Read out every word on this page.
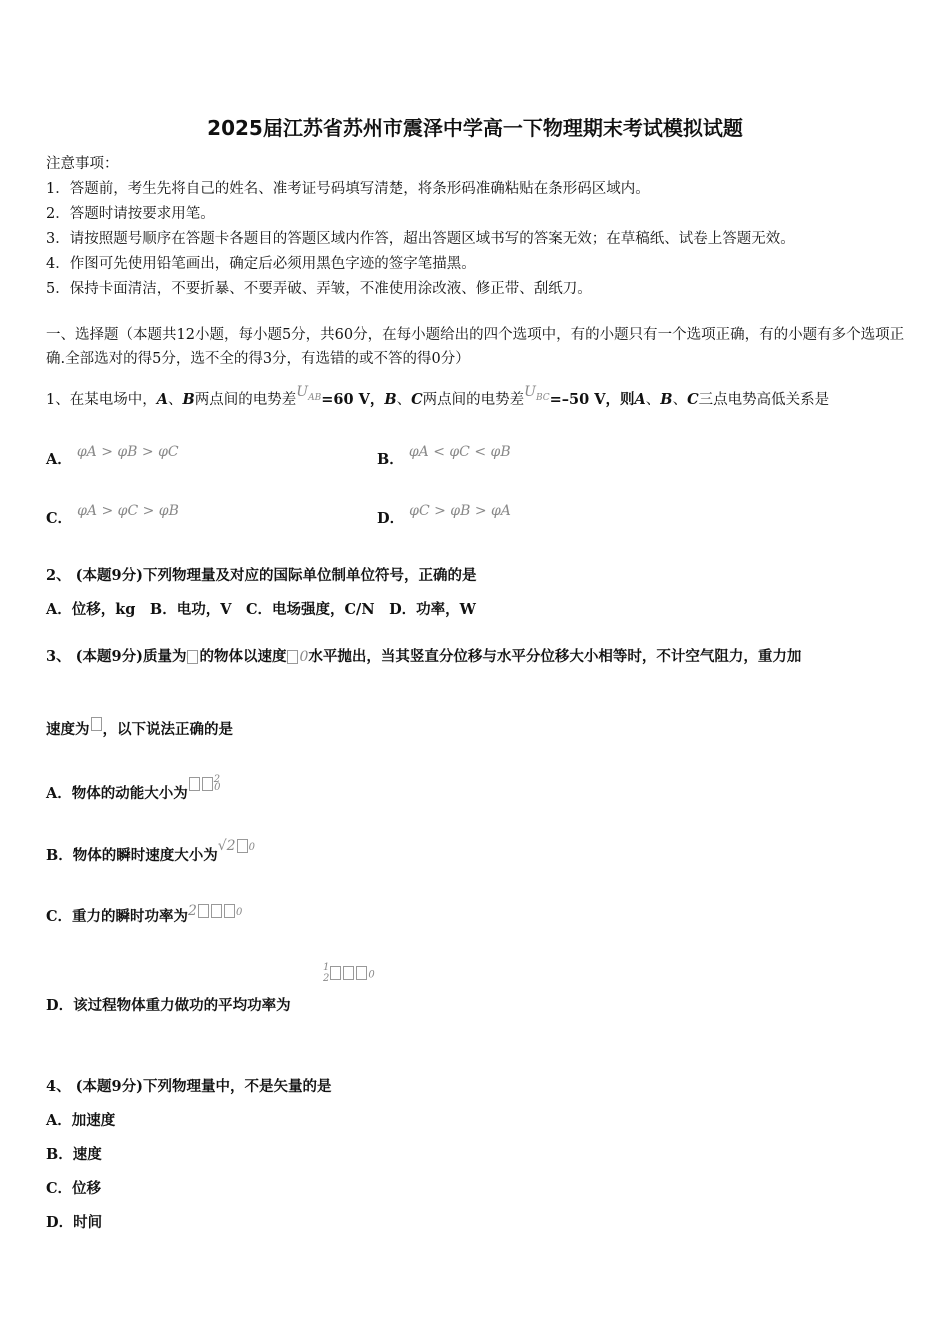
2025届江苏省苏州市震泽中学高一下物理期末考试模拟试题
注意事项：
1．答题前，考生先将自己的姓名、准考证号码填写清楚，将条形码准确粘贴在条形码区域内。
2．答题时请按要求用笔。
3．请按照题号顺序在答题卡各题目的答题区域内作答，超出答题区域书写的答案无效；在草稿纸、试卷上答题无效。
4．作图可先使用铅笔画出，确定后必须用黑色字迹的签字笔描黑。
5．保持卡面清洁，不要折暴、不要弄破、弄皱，不准使用涂改液、修正带、刮纸刀。
一、选择题（本题共12小题，每小题5分，共60分，在每小题给出的四个选项中，有的小题只有一个选项正确，有的小题有多个选项正确.全部选对的得5分，选不全的得3分，有选错的或不答的得0分）
1、在某电场中，A、B两点间的电势差$U_{AB}=60$ V，B、C两点间的电势差$U_{BC}=-50$ V，则A、B、C三点电势高低关系是
A． φA > φB > φC	B． φA < φC < φB
C． φA > φC > φB	D． φC > φB > φA
2、 (本题9分)下列物理量及对应的国际单位制单位符号，正确的是
A．位移，kg　B．电功，V　C．电场强度，C/N　D．功率，W
3、 (本题9分)质量为 的物体以速度 0水平抛出，当其竖直分位移与水平分位移大小相等时，不计空气阻力，重力加
速度为 ，以下说法正确的是
A．物体的动能大小为$^2$0
B．物体的瞬时速度大小为√2 0
C．重力的瞬时功率为2	0
D．该过程物体重力做功的平均功率为
1
2	0
4、 (本题9分)下列物理量中，不是矢量的是
A．加速度
B．速度
C．位移
D．时间
